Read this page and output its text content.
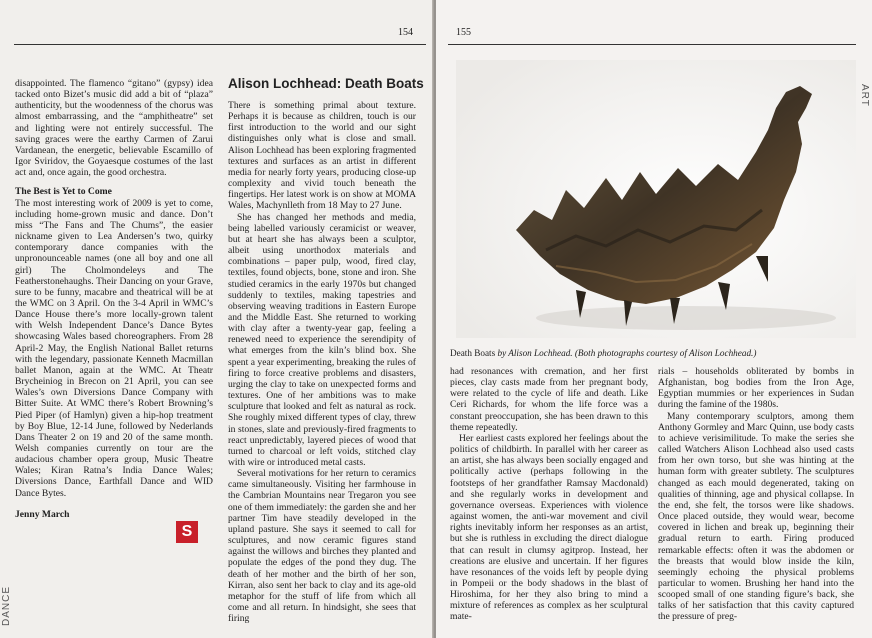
154

disappointed. The flamenco “gitano” (gypsy) idea tacked onto Bizet’s music did add a bit of “plaza” authenticity, but the woodenness of the chorus was almost embarrassing, and the “amphitheatre” set and lighting were not entirely successful. The saving graces were the earthy Carmen of Zarui Vardanean, the energetic, believable Escamillo of Igor Sviridov, the Goyaesque costumes of the last act and, once again, the good orchestra.

The Best is Yet to Come

The most interesting work of 2009 is yet to come, including home-grown music and dance. Don’t miss “The Fans and The Chums”, the easier nickname given to Lea Andersen’s two, quirky contemporary dance companies with the unpronounceable names (one all boy and one all girl) The Cholmondeleys and The Featherstonehaughs. Their Dancing on your Grave, sure to be funny, macabre and theatrical will be at the WMC on 3 April. On the 3-4 April in WMC’s Dance House there’s more locally-grown talent with Welsh Independent Dance’s Dance Bytes showcasing Wales based choreographers. From 28 April-2 May, the English National Ballet returns with the legendary, passionate Kenneth Macmillan ballet Manon, again at the WMC. At Theatr Brycheiniog in Brecon on 21 April, you can see Wales’s own Diversions Dance Company with Bitter Suite. At WMC there’s Robert Browning’s Pied Piper (of Hamlyn) given a hip-hop treatment by Boy Blue, 12-14 June, followed by Nederlands Dans Theater 2 on 19 and 20 of the same month. Welsh companies currently on tour are the audacious chamber opera group, Music Theatre Wales; Kiran Ratna’s India Dance Wales; Diversions Dance, Earthfall Dance and WID Dance Bytes.

Jenny March

S
Alison Lochhead: Death Boats

There is something primal about texture. Perhaps it is because as children, touch is our first introduction to the world and our sight distinguishes only what is close and small. Alison Lochhead has been exploring fragmented textures and surfaces as an artist in different media for nearly forty years, producing close-up complexity and vivid touch beneath the fingertips. Her latest work is on show at MOMA Wales, Machynlleth from 18 May to 27 June.

She has changed her methods and media, being labelled variously ceramicist or weaver, but at heart she has always been a sculptor, albeit using unorthodox materials and combinations – paper pulp, wood, fired clay, textiles, found objects, bone, stone and iron. She studied ceramics in the early 1970s but changed suddenly to textiles, making tapestries and observing weaving traditions in Eastern Europe and the Middle East. She returned to working with clay after a twenty-year gap, feeling a renewed need to experience the serendipity of what emerges from the kiln’s blind box. She spent a year experimenting, breaking the rules of firing to force creative problems and disasters, urging the clay to take on unexpected forms and textures. One of her ambitions was to make sculpture that looked and felt as natural as rock. She roughly mixed different types of clay, threw in stones, slate and previously-fired fragments to react unpredictably, layered pieces of wood that turned to charcoal or left voids, stitched clay with wire or introduced metal casts.

Several motivations for her return to ceramics came simultaneously. Visiting her farmhouse in the Cambrian Mountains near Tregaron you see one of them immediately: the garden she and her partner Tim have steadily developed in the upland pasture. She says it seemed to call for sculptures, and now ceramic figures stand against the willows and birches they planted and populate the edges of the pond they dug. The death of her mother and the birth of her son, Kirran, also sent her back to clay and its age-old metaphor for the stuff of life from which all come and all return. In hindsight, she sees that firing

DANCE
155
Death Boats by Alison Lochhead. (Both photographs courtesy of Alison Lochhead.)

had resonances with cremation, and her first pieces, clay casts made from her pregnant body, were related to the cycle of life and death. Like Ceri Richards, for whom the life force was a constant preoccupation, she has been drawn to this theme repeatedly.

Her earliest casts explored her feelings about the politics of childbirth. In parallel with her career as an artist, she has always been socially engaged and politically active (perhaps following in the footsteps of her grandfather Ramsay Macdonald) and she regularly works in development and governance overseas. Experiences with violence against women, the anti-war movement and civil rights inevitably inform her responses as an artist, but she is ruthless in excluding the direct dialogue that can result in clumsy agitprop. Instead, her creations are elusive and uncertain. If her figures have resonances of the voids left by people dying in Pompeii or the body shadows in the blast of Hiroshima, for her they also bring to mind a mixture of references as complex as her sculptural mate-

rials – households obliterated by bombs in Afghanistan, bog bodies from the Iron Age, Egyptian mummies or her experiences in Sudan during the famine of the 1980s.

Many contemporary sculptors, among them Anthony Gormley and Marc Quinn, use body casts to achieve verisimilitude. To make the series she called Watchers Alison Lochhead also used casts from her own torso, but she was hinting at the human form with greater subtlety. The sculptures changed as each mould degenerated, taking on qualities of thinning, age and physical collapse. In the end, she felt, the torsos were like shadows. Once placed outside, they would wear, become covered in lichen and break up, beginning their gradual return to earth. Firing produced remarkable effects: often it was the abdomen or the breasts that would blow inside the kiln, seemingly echoing the physical problems particular to women. Brushing her hand into the scooped small of one standing figure’s back, she talks of her satisfaction that this cavity captured the pressure of preg-

ART
